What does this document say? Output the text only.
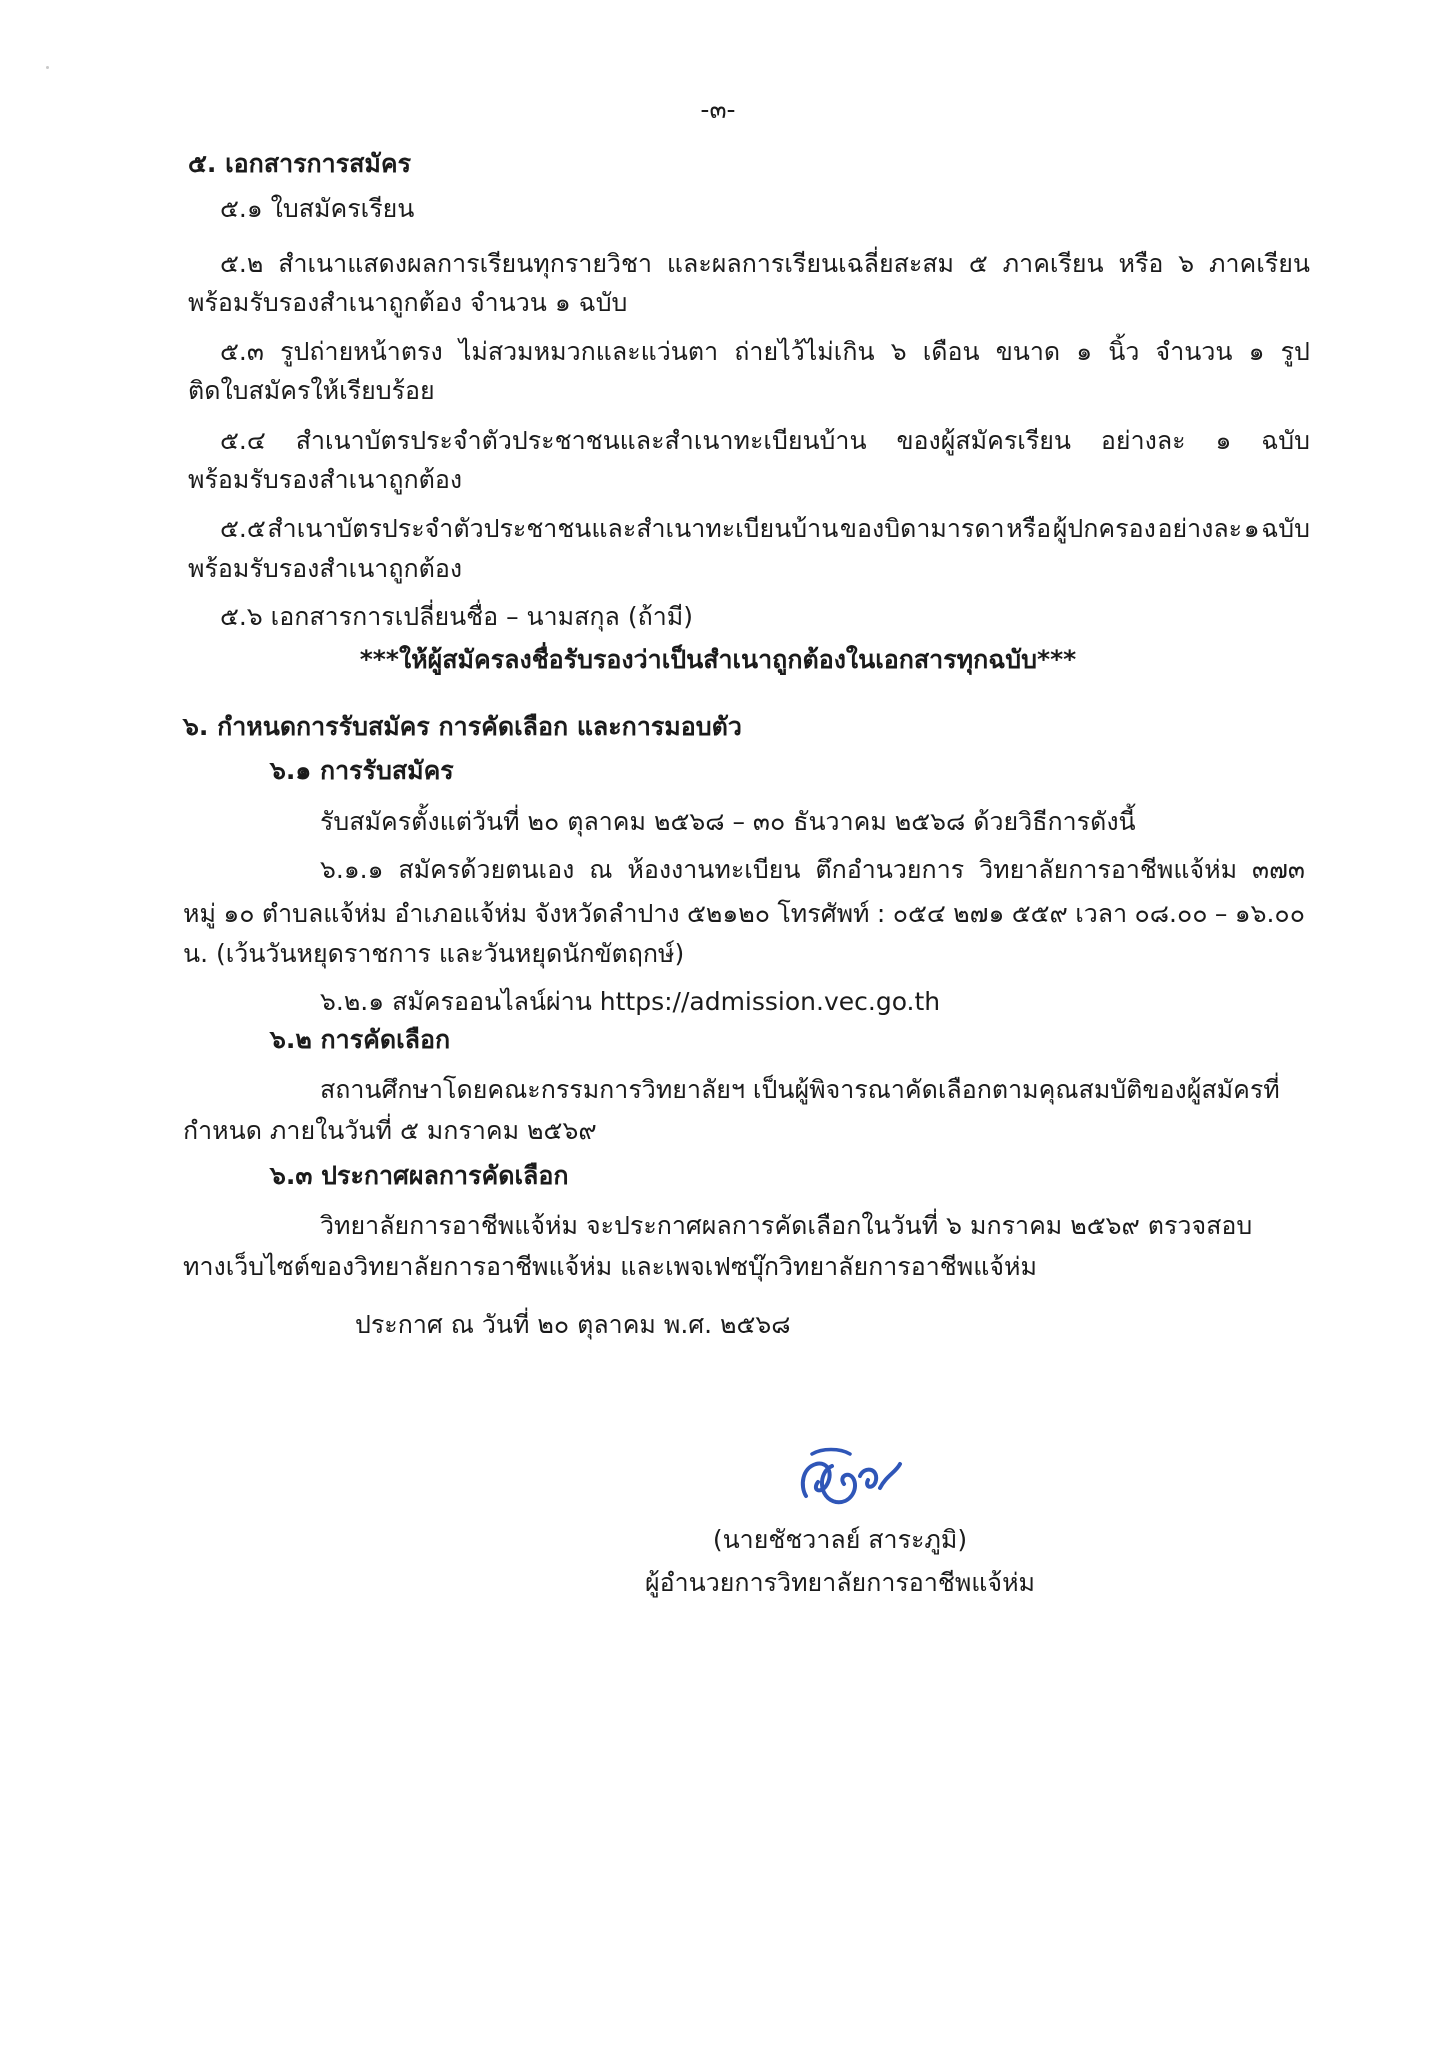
-๓-
๕. เอกสารการสมัคร
๕.๑ ใบสมัครเรียน
๕.๒ สำเนาแสดงผลการเรียนทุกรายวิชา และผลการเรียนเฉลี่ยสะสม ๕ ภาคเรียน หรือ ๖ ภาคเรียน
พร้อมรับรองสำเนาถูกต้อง จำนวน ๑ ฉบับ
๕.๓ รูปถ่ายหน้าตรง ไม่สวมหมวกและแว่นตา ถ่ายไว้ไม่เกิน ๖ เดือน ขนาด ๑ นิ้ว จำนวน ๑ รูป
ติดใบสมัครให้เรียบร้อย
๕.๔ สำเนาบัตรประจำตัวประชาชนและสำเนาทะเบียนบ้าน ของผู้สมัครเรียน อย่างละ ๑ ฉบับ
พร้อมรับรองสำเนาถูกต้อง
๕.๕ สำเนาบัตรประจำตัวประชาชนและสำเนาทะเบียนบ้าน ของบิดามารดา หรือ ผู้ปกครอง อย่างละ ๑ ฉบับ
พร้อมรับรองสำเนาถูกต้อง
๕.๖ เอกสารการเปลี่ยนชื่อ – นามสกุล (ถ้ามี)
***ให้ผู้สมัครลงชื่อรับรองว่าเป็นสำเนาถูกต้องในเอกสารทุกฉบับ***
๖. กำหนดการรับสมัคร การคัดเลือก และการมอบตัว
๖.๑ การรับสมัคร
รับสมัครตั้งแต่วันที่ ๒๐ ตุลาคม ๒๕๖๘ – ๓๐ ธันวาคม ๒๕๖๘ ด้วยวิธีการดังนี้
๖.๑.๑ สมัครด้วยตนเอง ณ ห้องงานทะเบียน ตึกอำนวยการ วิทยาลัยการอาชีพแจ้ห่ม ๓๗๓
หมู่ ๑๐ ตำบลแจ้ห่ม อำเภอแจ้ห่ม จังหวัดลำปาง ๕๒๑๒๐ โทรศัพท์ : ๐๕๔ ๒๗๑ ๕๕๙ เวลา ๐๘.๐๐ – ๑๖.๐๐
น. (เว้นวันหยุดราชการ และวันหยุดนักขัตฤกษ์)
๖.๒.๑ สมัครออนไลน์ผ่าน https://admission.vec.go.th
๖.๒ การคัดเลือก
สถานศึกษาโดยคณะกรรมการวิทยาลัยฯ เป็นผู้พิจารณาคัดเลือกตามคุณสมบัติของผู้สมัครที่
กำหนด ภายในวันที่ ๕ มกราคม ๒๕๖๙
๖.๓ ประกาศผลการคัดเลือก
วิทยาลัยการอาชีพแจ้ห่ม จะประกาศผลการคัดเลือกในวันที่ ๖ มกราคม ๒๕๖๙ ตรวจสอบ
ทางเว็บไซต์ของวิทยาลัยการอาชีพแจ้ห่ม และเพจเฟซบุ๊กวิทยาลัยการอาชีพแจ้ห่ม
ประกาศ ณ วันที่ ๒๐ ตุลาคม พ.ศ. ๒๕๖๘
(นายชัชวาลย์ สาระภูมิ)
ผู้อำนวยการวิทยาลัยการอาชีพแจ้ห่ม
